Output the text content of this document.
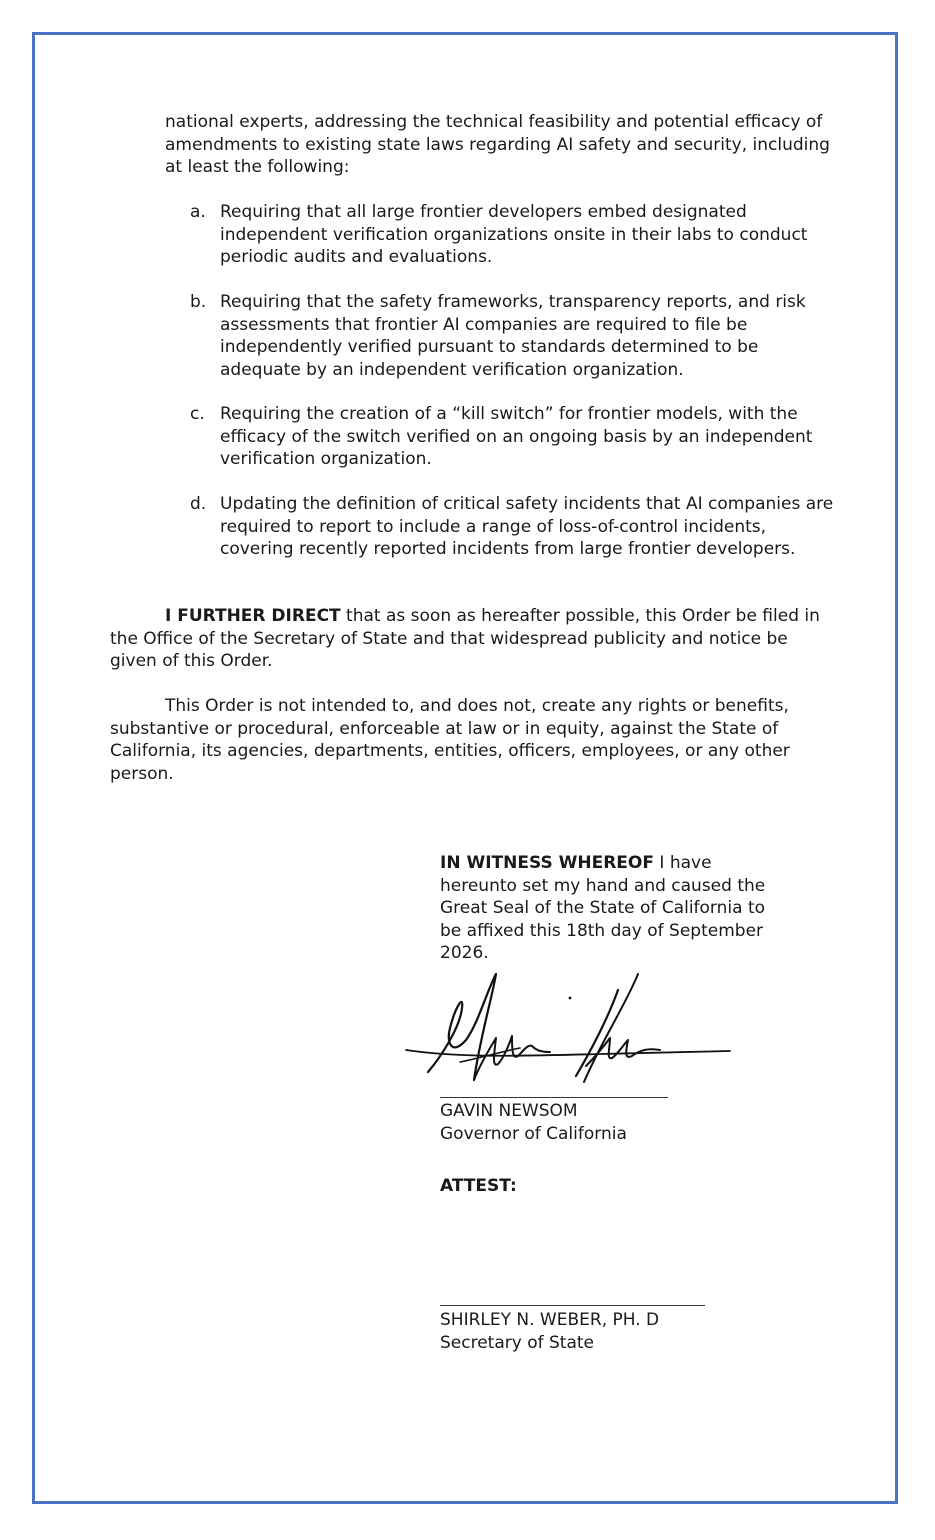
national experts, addressing the technical feasibility and potential efficacy of amendments to existing state laws regarding AI safety and security, including at least the following:

a. Requiring that all large frontier developers embed designated independent verification organizations onsite in their labs to conduct periodic audits and evaluations.
b. Requiring that the safety frameworks, transparency reports, and risk assessments that frontier AI companies are required to file be independently verified pursuant to standards determined to be adequate by an independent verification organization.
c. Requiring the creation of a “kill switch” for frontier models, with the efficacy of the switch verified on an ongoing basis by an independent verification organization.
d. Updating the definition of critical safety incidents that AI companies are required to report to include a range of loss-of-control incidents, covering recently reported incidents from large frontier developers.

I FURTHER DIRECT that as soon as hereafter possible, this Order be filed in the Office of the Secretary of State and that widespread publicity and notice be given of this Order.

This Order is not intended to, and does not, create any rights or benefits, substantive or procedural, enforceable at law or in equity, against the State of California, its agencies, departments, entities, officers, employees, or any other person.

IN WITNESS WHEREOF I have hereunto set my hand and caused the Great Seal of the State of California to be affixed this 18th day of September 2026.

GAVIN NEWSOM
Governor of California
ATTEST:
SHIRLEY N. WEBER, PH. D
Secretary of State
